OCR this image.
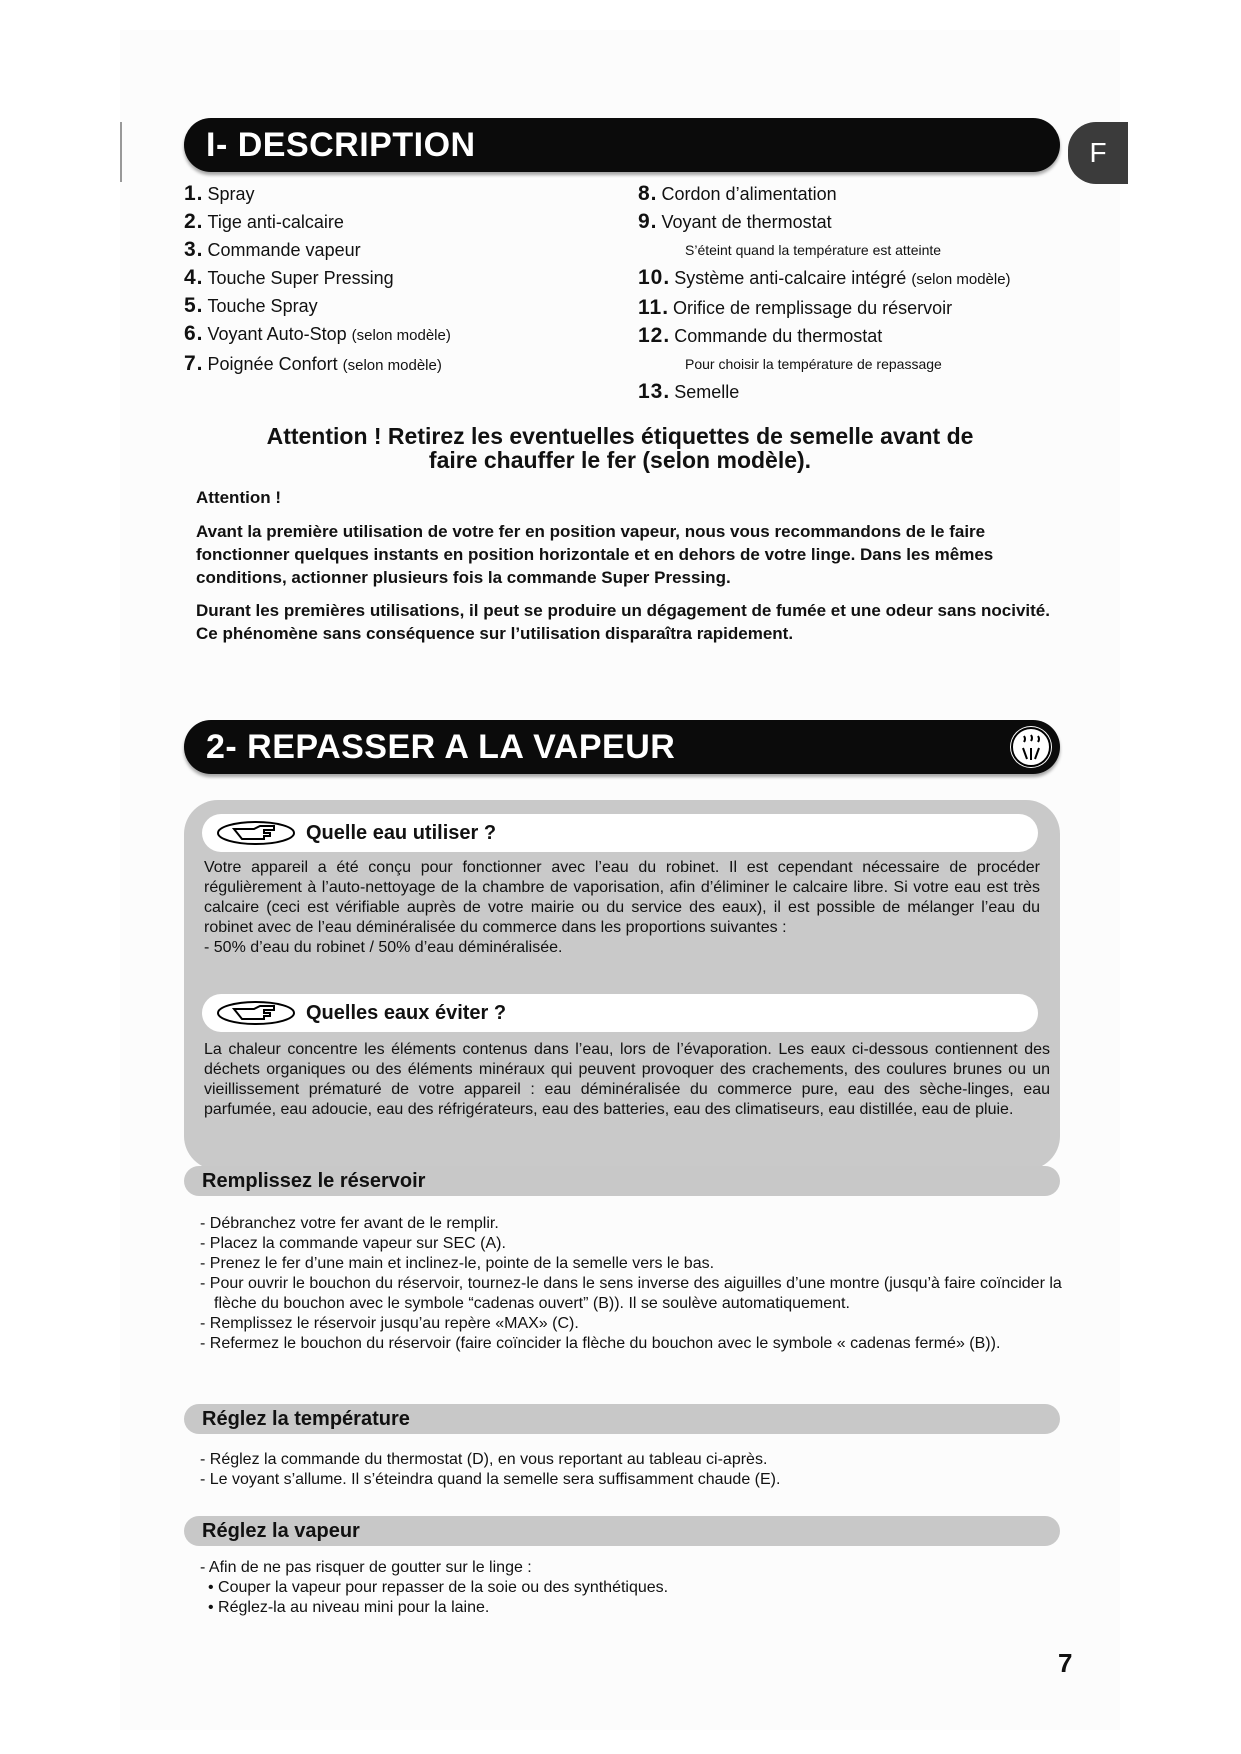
I- DESCRIPTION	F
1. Spray
2. Tige anti-calcaire
3. Commande vapeur
4. Touche Super Pressing
5. Touche Spray
6. Voyant Auto-Stop (selon modèle)
7. Poignée Confort (selon modèle)
8. Cordon d’alimentation
9. Voyant de thermostat
S’éteint quand la température est atteinte
10. Système anti-calcaire intégré (selon modèle)
11. Orifice de remplissage du réservoir
12. Commande du thermostat
Pour choisir la température de repassage
13. Semelle
Attention ! Retirez les eventuelles étiquettes de semelle avant de
faire chauffer le fer (selon modèle).
Attention !

Avant la première utilisation de votre fer en position vapeur, nous vous recommandons de le faire fonctionner quelques instants en position horizontale et en dehors de votre linge. Dans les mêmes conditions, actionner plusieurs fois la commande Super Pressing.

Durant les premières utilisations, il peut se produire un dégagement de fumée et une odeur sans nocivité. Ce phénomène sans conséquence sur l’utilisation disparaîtra rapidement.

2- REPASSER A LA VAPEUR
Quelle eau utiliser ?
Votre appareil a été conçu pour fonctionner avec l’eau du robinet. Il est cependant nécessaire de procéder régulièrement à l’auto-nettoyage de la chambre de vaporisation, afin d’éliminer le calcaire libre. Si votre eau est très calcaire (ceci est vérifiable auprès de votre mairie ou du service des eaux), il est possible de mélanger l’eau du robinet avec de l’eau déminéralisée du commerce dans les proportions suivantes :
- 50% d’eau du robinet / 50% d’eau déminéralisée.
Quelles eaux éviter ?

La chaleur concentre les éléments contenus dans l’eau, lors de l’évaporation. Les eaux ci-dessous contiennent des déchets organiques ou des éléments minéraux qui peuvent provoquer des crachements, des coulures brunes ou un vieillissement prématuré de votre appareil : eau déminéralisée du commerce pure, eau des sèche-linges, eau parfumée, eau adoucie, eau des réfrigérateurs, eau des batteries, eau des climatiseurs, eau distillée, eau de pluie.

Remplissez le réservoir
- Débranchez votre fer avant de le remplir.
- Placez la commande vapeur sur SEC (A).
- Prenez le fer d’une main et inclinez-le, pointe de la semelle vers le bas.
- Pour ouvrir le bouchon du réservoir, tournez-le dans le sens inverse des aiguilles d’une montre (jusqu’à faire coïncider la flèche du bouchon avec le symbole “cadenas ouvert” (B)). Il se soulève automatiquement.
- Remplissez le réservoir jusqu’au repère «MAX» (C).
- Refermez le bouchon du réservoir (faire coïncider la flèche du bouchon avec le symbole « cadenas fermé» (B)).
Réglez la température
- Réglez la commande du thermostat (D), en vous reportant au tableau ci-après.
- Le voyant s’allume. Il s’éteindra quand la semelle sera suffisamment chaude (E).
Réglez la vapeur
- Afin de ne pas risquer de goutter sur le linge :
• Couper la vapeur pour repasser de la soie ou des synthétiques.
• Réglez-la au niveau mini pour la laine.
7
